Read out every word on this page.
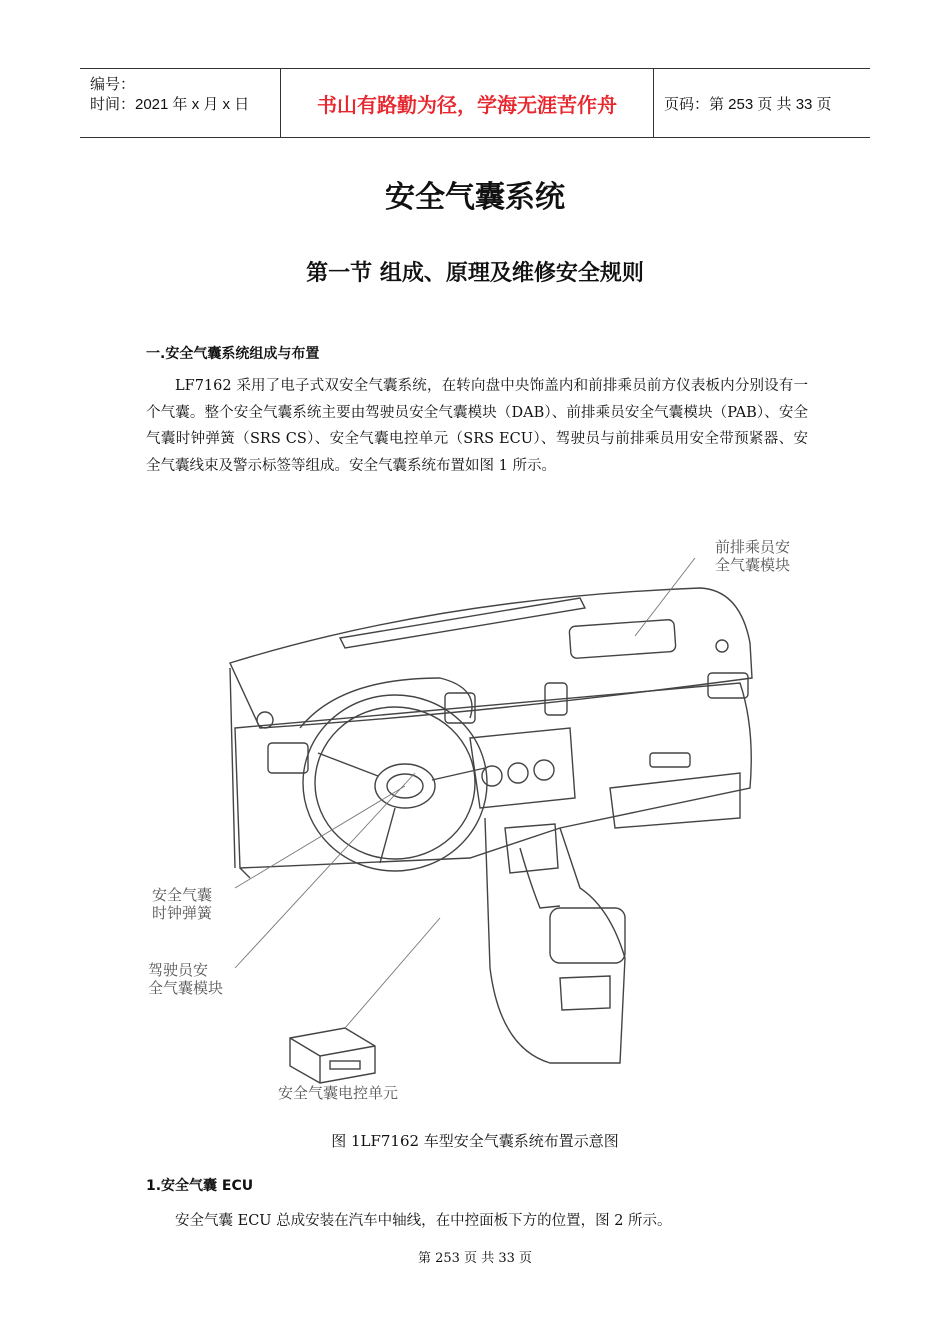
编号：
时间：2021 年 x 月 x 日	书山有路勤为径，学海无涯苦作舟	页码：第 253 页 共 33 页
安全气囊系统
第一节 组成、原理及维修安全规则
一.安全气囊系统组成与布置
LF7162 采用了电子式双安全气囊系统，在转向盘中央饰盖内和前排乘员前方仪表板内分别设有一个气囊。整个安全气囊系统主要由驾驶员安全气囊模块（DAB）、前排乘员安全气囊模块（PAB）、安全气囊时钟弹簧（SRS CS）、安全气囊电控单元（SRS ECU）、驾驶员与前排乘员用安全带预紧器、安全气囊线束及警示标签等组成。安全气囊系统布置如图 1 所示。
前排乘员安
全气囊模块
安全气囊
时钟弹簧
驾驶员安
全气囊模块
安全气囊电控单元
图 1LF7162 车型安全气囊系统布置示意图
1.安全气囊 ECU
安全气囊 ECU 总成安装在汽车中轴线，在中控面板下方的位置，图 2 所示。
第 253 页 共 33 页
